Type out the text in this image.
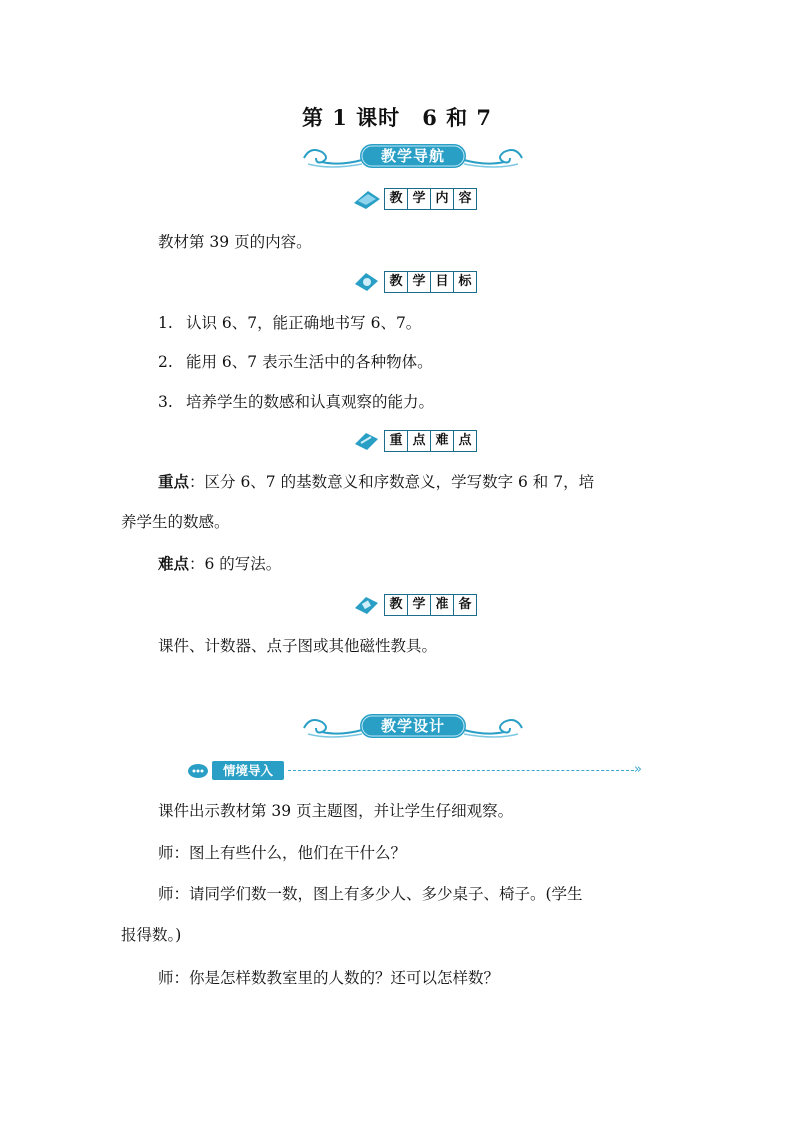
第 1 课时 6 和 7
教学导航
教 学 内 容
教材第 39 页的内容。
教 学 目 标
1. 认识 6、7，能正确地书写 6、7。
2. 能用 6、7 表示生活中的各种物体。
3. 培养学生的数感和认真观察的能力。
重 点 难 点
重点：区分 6、7 的基数意义和序数意义，学写数字 6 和 7，培
养学生的数感。
难点：6 的写法。
教 学 准 备
课件、计数器、点子图或其他磁性教具。
教学设计
情境导入	»
课件出示教材第 39 页主题图，并让学生仔细观察。
师：图上有些什么，他们在干什么？
师：请同学们数一数，图上有多少人、多少桌子、椅子。(学生
报得数。)
师：你是怎样数教室里的人数的？还可以怎样数？
